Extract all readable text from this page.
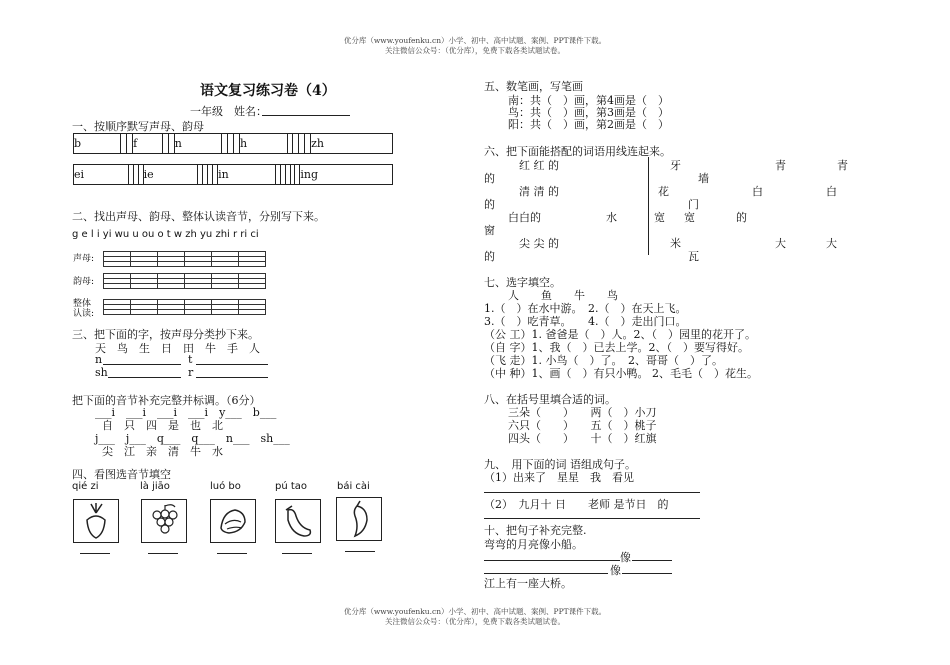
优分库（www.youfenku.cn）小学、初中、高中试题、案例、PPT课件下载。
关注微信公众号：（优分库），免费下载各类试题试卷。
优分库（www.youfenku.cn）小学、初中、高中试题、案例、PPT课件下载。
关注微信公众号：（优分库），免费下载各类试题试卷。
语文复习练习卷（4）
一年级　姓名：
一、按顺序默写声母、韵母
b			f			n				h					zh
ei				ie					in						ing
二、找出声母、韵母、整体认读音节，分别写下来。
g e l i yi wu u ou o t w zh yu zhi r ri ci
声母:
韵母:
整体
认读:

三、把下面的字，按声母分类抄下来。
天　鸟　生　日　田　牛　手　人
n	t
sh	r
把下面的音节补充完整并标调。（6分）
___i　___i　___i　___i　y___　b___
自　只　四　是　也　北
j___　j___　q___　q___　n___　sh___
尖　江　亲　清　牛　水
四、看图选音节填空
qié zi	là jiāo	luó bo	pú tao	bái cài
五、数笔画，写笔画
南：共（　）画，第4画是（　）
鸟：共（　）画，第3画是（　）
阳：共（　）画，第2画是（　）
六、把下面能搭配的词语用线连起来。
红 红 的
的
清 清 的
的
白白的
窗
尖 尖 的
的
水
牙
墙
花
门
宽 宽	的
米
瓦
青	青
白	白
大	大
七、选字填空。
人　　鱼　　牛　　鸟
1.（　）在水中游。　2.（　）在天上飞。
3.（　）吃青草。　　4.（　）走出门口。
（公 工）1. 爸爸是（　）人。2、（　）园里的花开了。
（自 字）1、我（　）已去上学。2、（　）要写得好。
（飞 走）1. 小鸟（　）了。　2、哥哥（　）了。
（中 种）1、画（　）有只小鸭。 2、毛毛（　）花生。
八、在括号里填合适的词。
三朵（　　）　　两（　）小刀
六只（　　）　　五（　）桃子
四头（　　）　　十（　）红旗
九、　用下面的词 语组成句子。
（1）出来了　星星　我　看见
（2）　九月十 日　　老师 是节日　的
十、把句子补充完整.
弯弯的月亮像小船。
像
像
江上有一座大桥。
